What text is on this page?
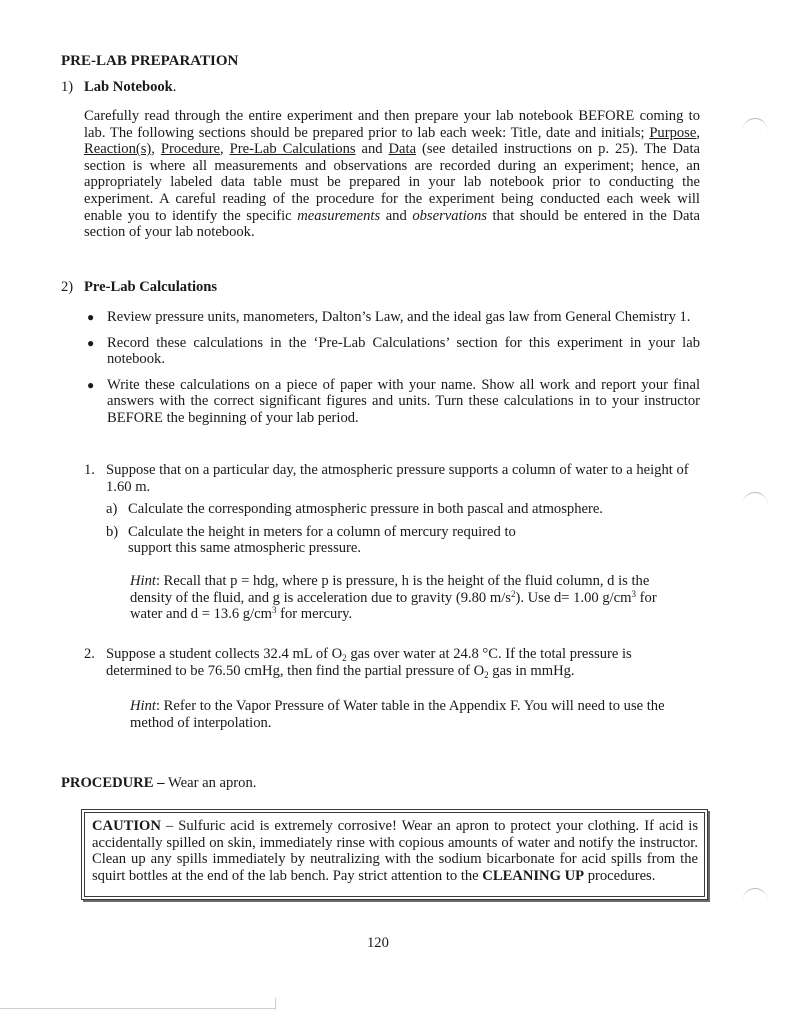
PRE-LAB PREPARATION
1) Lab Notebook.
Carefully read through the entire experiment and then prepare your lab notebook BEFORE coming to lab. The following sections should be prepared prior to lab each week: Title, date and initials; Purpose, Reaction(s), Procedure, Pre-Lab Calculations and Data (see detailed instructions on p. 25). The Data section is where all measurements and observations are recorded during an experiment; hence, an appropriately labeled data table must be prepared in your lab notebook prior to conducting the experiment. A careful reading of the procedure for the experiment being conducted each week will enable you to identify the specific measurements and observations that should be entered in the Data section of your lab notebook.
2) Pre-Lab Calculations
● Review pressure units, manometers, Dalton’s Law, and the ideal gas law from General Chemistry 1.
● Record these calculations in the ‘Pre-Lab Calculations’ section for this experiment in your lab notebook.
● Write these calculations on a piece of paper with your name. Show all work and report your final answers with the correct significant figures and units. Turn these calculations in to your instructor BEFORE the beginning of your lab period.
1. Suppose that on a particular day, the atmospheric pressure supports a column of water to a height of 1.60 m.
a) Calculate the corresponding atmospheric pressure in both pascal and atmosphere.
b) Calculate the height in meters for a column of mercury required to support this same atmospheric pressure.
Hint: Recall that p = hdg, where p is pressure, h is the height of the fluid column, d is the density of the fluid, and g is acceleration due to gravity (9.80 $m/s^2$). Use d= 1.00 $g/cm^3$ for water and d = 13.6 $g/cm^3$ for mercury.
2. Suppose a student collects 32.4 mL of $O_2$ gas over water at 24.8 °C. If the total pressure is determined to be 76.50 cmHg, then find the partial pressure of $O_2$ gas in mmHg.
Hint: Refer to the Vapor Pressure of Water table in the Appendix F. You will need to use the method of interpolation.
PROCEDURE – Wear an apron.
CAUTION – Sulfuric acid is extremely corrosive! Wear an apron to protect your clothing. If acid is accidentally spilled on skin, immediately rinse with copious amounts of water and notify the instructor. Clean up any spills immediately by neutralizing with the sodium bicarbonate for acid spills from the squirt bottles at the end of the lab bench. Pay strict attention to the CLEANING UP procedures.
120
